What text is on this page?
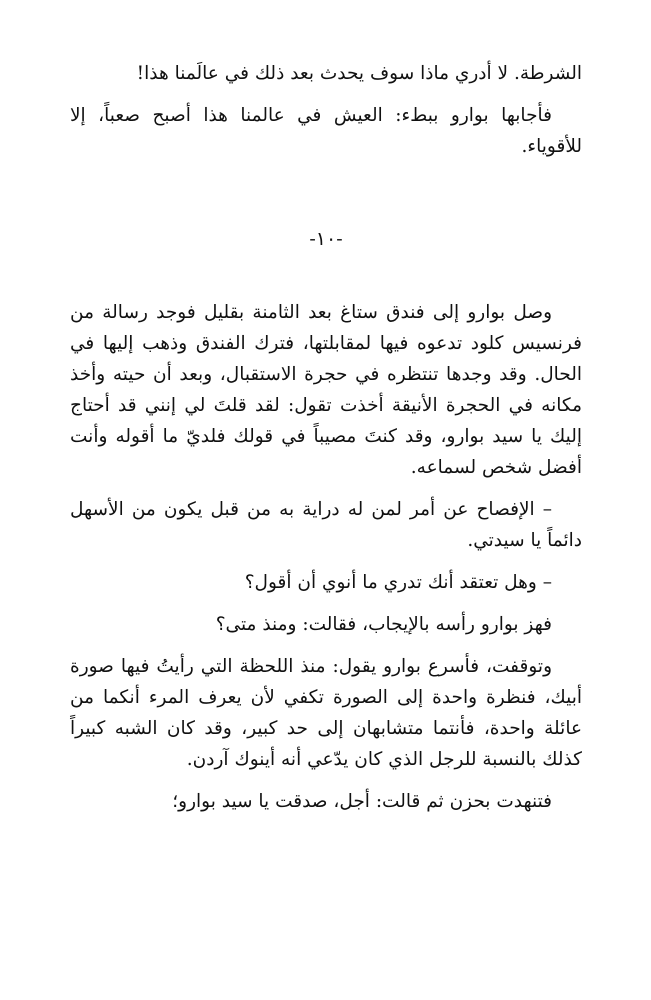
الشرطة. لا أدري ماذا سوف يحدث بعد ذلك في عالَمنا هذا!

فأجابها بوارو ببطء: العيش في عالمنا هذا أصبح صعباً، إلا للأقوياء.

-١٠-

وصل بوارو إلى فندق ستاغ بعد الثامنة بقليل فوجد رسالة من فرنسيس كلود تدعوه فيها لمقابلتها، فترك الفندق وذهب إليها في الحال. وقد وجدها تنتظره في حجرة الاستقبال، وبعد أن حيته وأخذ مكانه في الحجرة الأنيقة أخذت تقول: لقد قلتَ لي إنني قد أحتاج إليك يا سيد بوارو، وقد كنتَ مصيباً في قولك فلديّ ما أقوله وأنت أفضل شخص لسماعه.

– الإفصاح عن أمر لمن له دراية به من قبل يكون من الأسهل دائماً يا سيدتي.

– وهل تعتقد أنك تدري ما أنوي أن أقول؟

فهز بوارو رأسه بالإيجاب، فقالت: ومنذ متى؟

وتوقفت، فأسرع بوارو يقول: منذ اللحظة التي رأيتُ فيها صورة أبيك، فنظرة واحدة إلى الصورة تكفي لأن يعرف المرء أنكما من عائلة واحدة، فأنتما متشابهان إلى حد كبير، وقد كان الشبه كبيراً كذلك بالنسبة للرجل الذي كان يدّعي أنه أينوك آردن.

فتنهدت بحزن ثم قالت: أجل، صدقت يا سيد بوارو؛
